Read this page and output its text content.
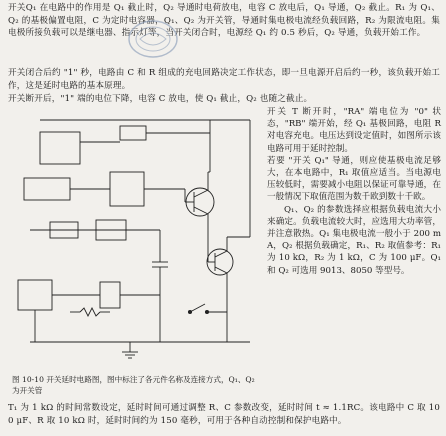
开关Q₁ 在电路中的作用是 Q₁ 截止时，Q₂ 导通时电荷放电，电容 C 放电后，Q₁ 导通，Q₂ 截止。R₁ 为 Q₁、Q₂ 的基极偏置电阻，C 为定时电容器，Q₁、Q₂ 为开关管，导通时集电极电流经负载回路，R₂ 为限流电阻。集电极所接负载可以是继电器、指示灯等，当开关闭合时，电源经 Q₁ 约 0.5 秒后，Q₂ 导通，负载开始工作。
开关闭合后约 "1" 秒，电路由 C 和 R 组成的充电回路决定工作状态，即一旦电源开启后约一秒，该负载开始工作，这是延时电路的基本原理。
开关断开后，"1" 端的电位下降，电容 C 放电，使 Q₁ 截止，Q₂ 也随之截止。
图 10-10 开关延时电路图，图中标注了各元件名称及连接方式，Q₁、Q₂ 为开关管

开关 T 断开时，"RA" 端电位为 "0" 状态，"RB" 端开始，经 Q₁ 基极回路，电阻 R 对电容充电。电压达到设定值时，如图所示该电路可用于延时控制。

若要 "开关 Q₁" 导通，则应使基极电流足够大，在本电路中，R₁ 取值应适当。当电源电压较低时，需要减小电阻以保证可靠导通，在一般情况下取值范围为数千欧到数十千欧。

Q₁、Q₂ 的参数选择应根据负载电流大小来确定。负载电流较大时，应选用大功率管，并注意散热。Q₁ 集电极电流一般小于 200 mA，Q₂ 根据负载确定，R₁、R₂ 取值参考：R₁ 为 10 kΩ，R₂ 为 1 kΩ，C 为 100 μF。Q₁ 和 Q₂ 可选用 9013、8050 等型号。

T₁ 为 1 kΩ 的时间常数设定，延时时间可通过调整 R、C 参数改变，延时时间 t ≈ 1.1RC。该电路中 C 取 100 μF、R 取 10 kΩ 时，延时时间约为 150 毫秒，可用于各种自动控制和保护电路中。
